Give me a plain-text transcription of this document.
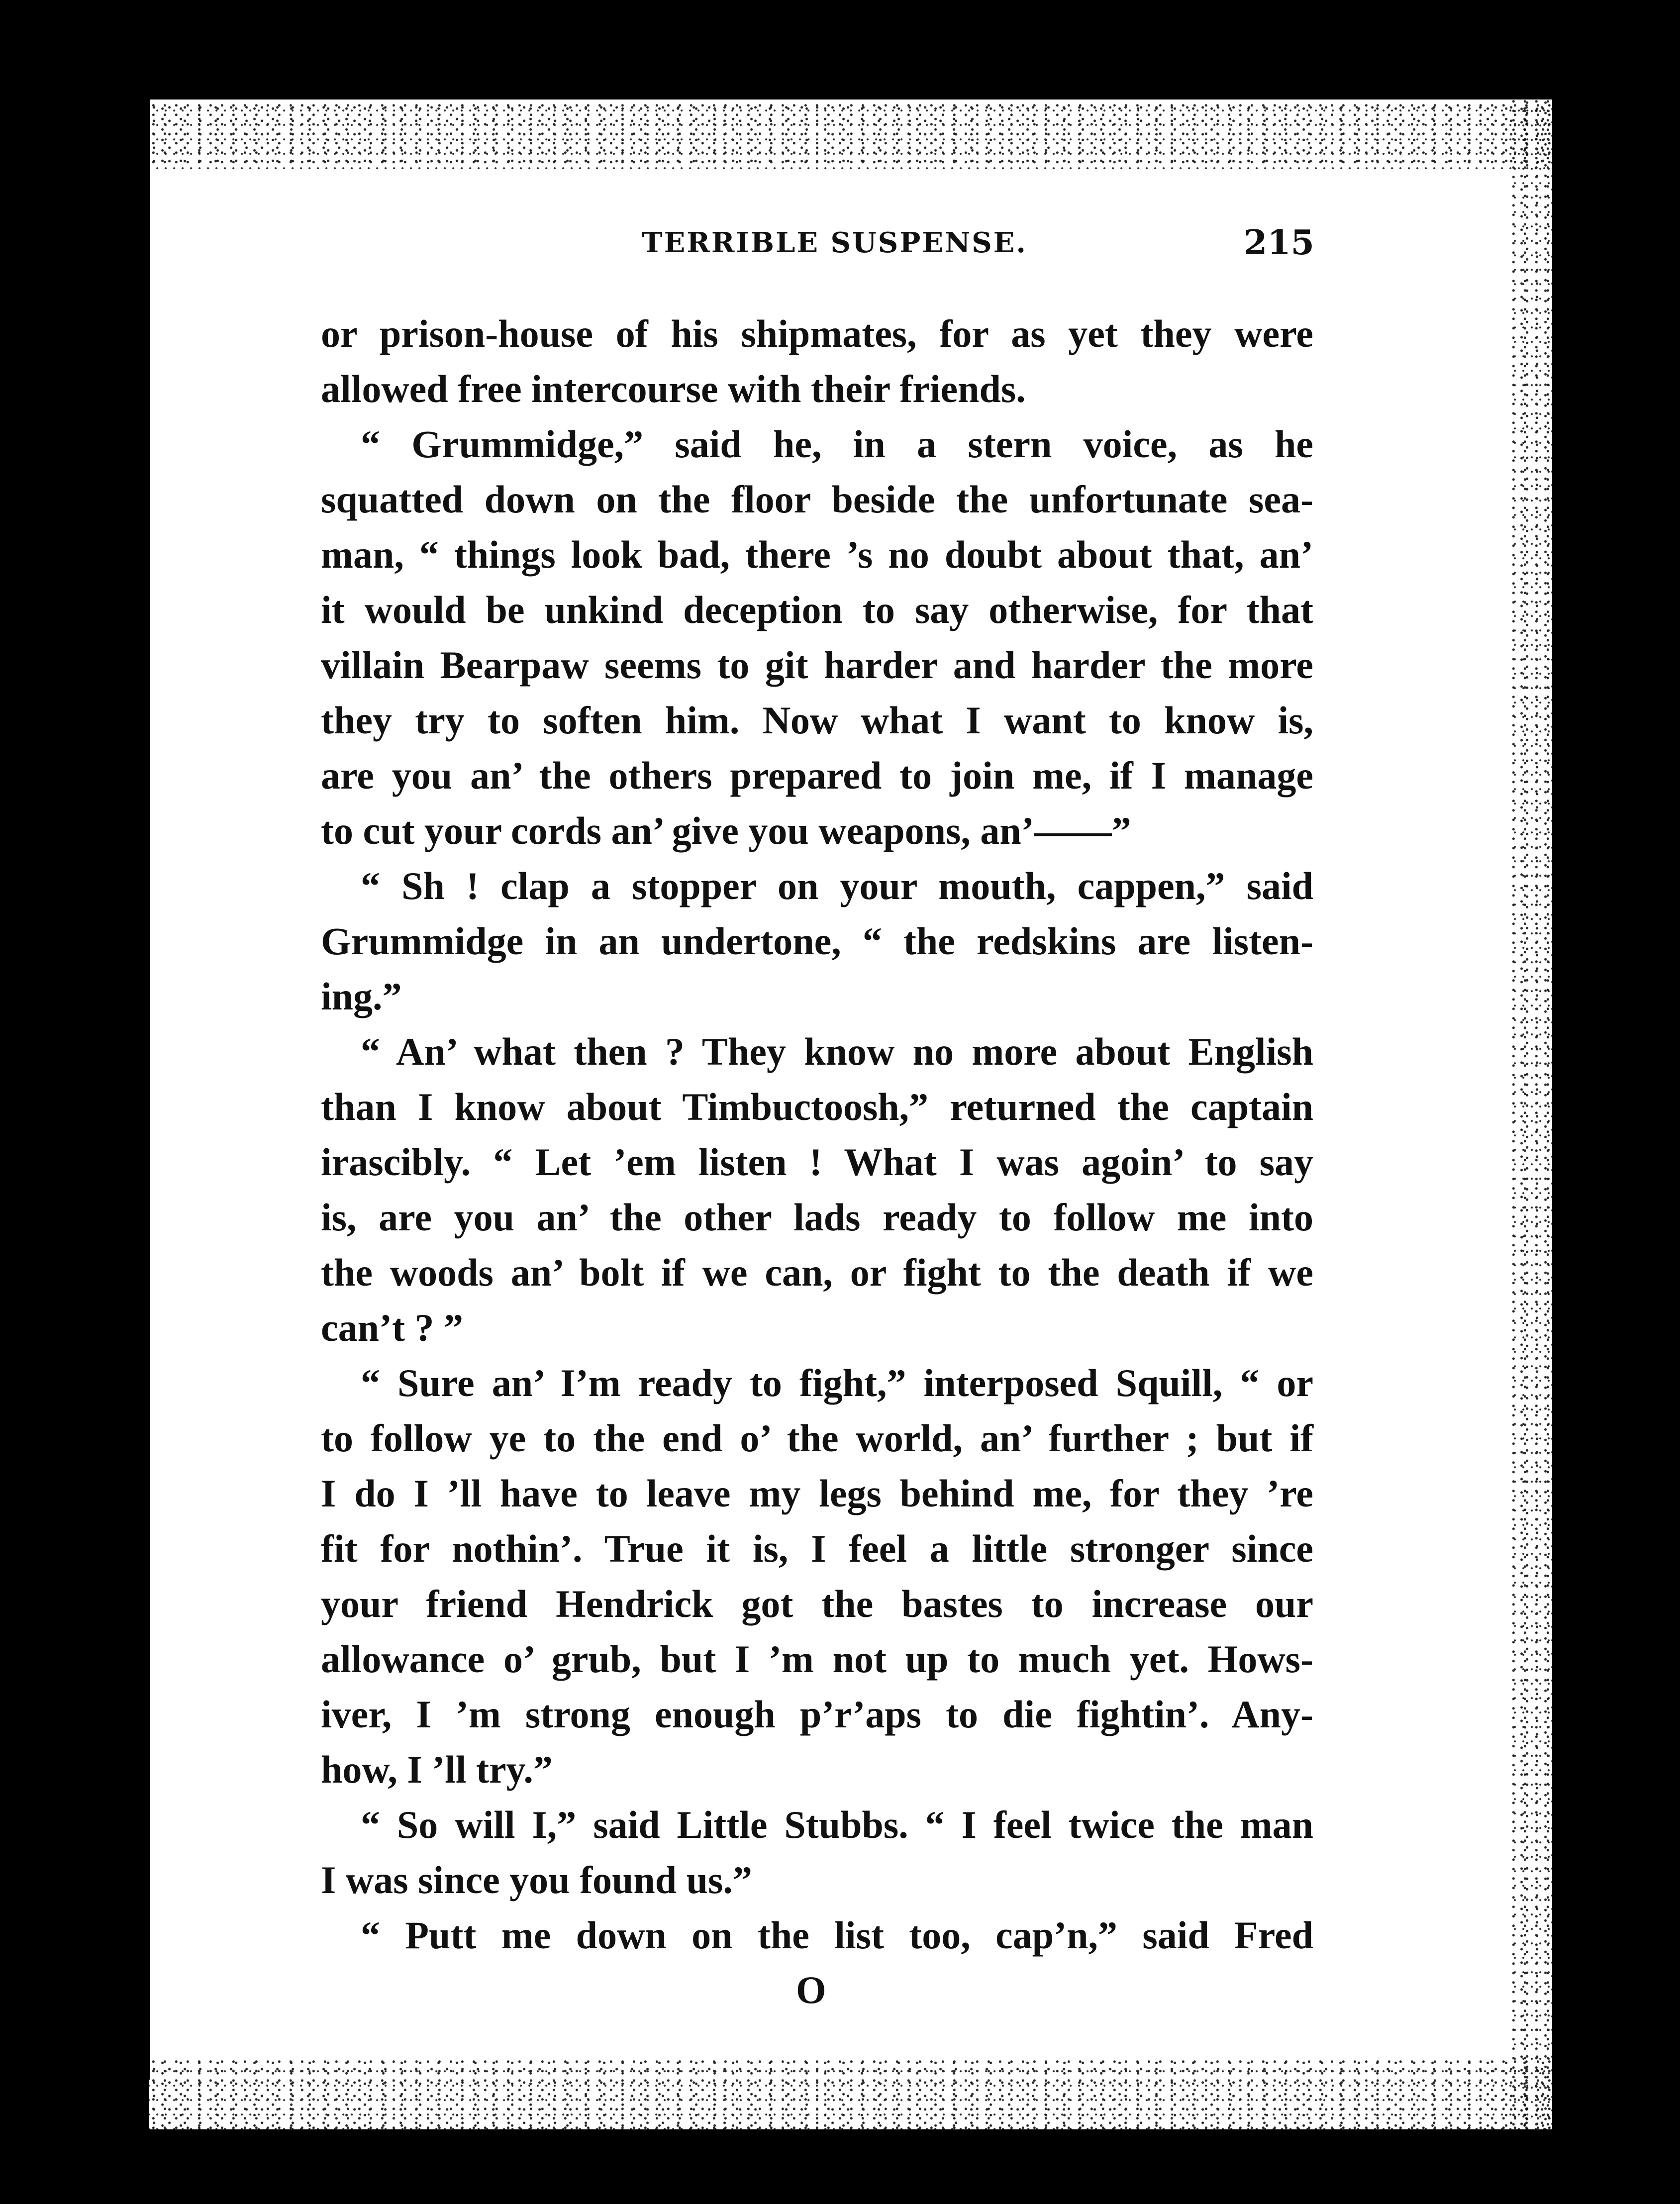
TERRIBLE SUSPENSE.	215
or prison-house of his shipmates, for as yet they were
allowed free intercourse with their friends.
“ Grummidge,” said he, in a stern voice, as he
squatted down on the floor beside the unfortunate sea-
man, “ things look bad, there ’s no doubt about that, an’
it would be unkind deception to say otherwise, for that
villain Bearpaw seems to git harder and harder the more
they try to soften him. Now what I want to know is,
are you an’ the others prepared to join me, if I manage
to cut your cords an’ give you weapons, an’——”
“ Sh ! clap a stopper on your mouth, cappen,” said
Grummidge in an undertone, “ the redskins are listen-
ing.”
“ An’ what then ? They know no more about English
than I know about Timbuctoosh,” returned the captain
irascibly. “ Let ’em listen ! What I was agoin’ to say
is, are you an’ the other lads ready to follow me into
the woods an’ bolt if we can, or fight to the death if we
can’t ? ”
“ Sure an’ I’m ready to fight,” interposed Squill, “ or
to follow ye to the end o’ the world, an’ further ; but if
I do I ’ll have to leave my legs behind me, for they ’re
fit for nothin’. True it is, I feel a little stronger since
your friend Hendrick got the bastes to increase our
allowance o’ grub, but I ’m not up to much yet. Hows-
iver, I ’m strong enough p’r’aps to die fightin’. Any-
how, I ’ll try.”
“ So will I,” said Little Stubbs. “ I feel twice the man
I was since you found us.”
“ Putt me down on the list too, cap’n,” said Fred
O
